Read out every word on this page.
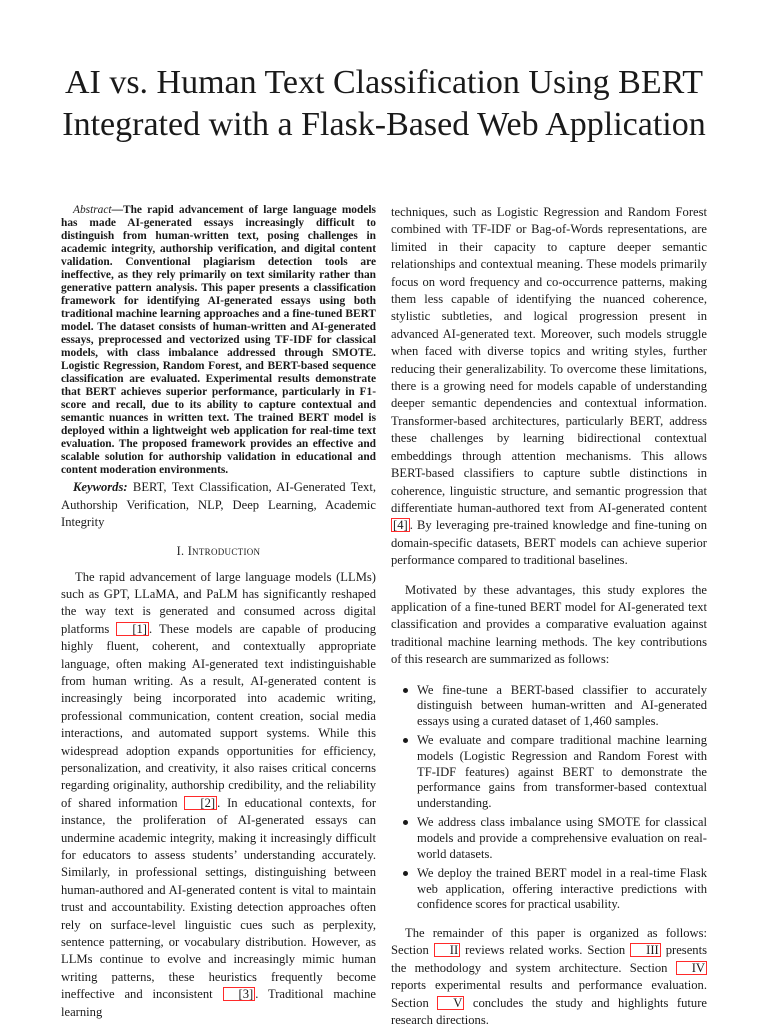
AI vs. Human Text Classification Using BERT
Integrated with a Flask-Based Web Application

Abstract—The rapid advancement of large language models has made AI-generated essays increasingly difficult to distinguish from human-written text, posing challenges in academic integrity, authorship verification, and digital content validation. Conventional plagiarism detection tools are ineffective, as they rely primarily on text similarity rather than generative pattern analysis. This paper presents a classification framework for identifying AI-generated essays using both traditional machine learning approaches and a fine-tuned BERT model. The dataset consists of human-written and AI-generated essays, preprocessed and vectorized using TF-IDF for classical models, with class imbalance addressed through SMOTE. Logistic Regression, Random Forest, and BERT-based sequence classification are evaluated. Experimental results demonstrate that BERT achieves superior performance, particularly in F1-score and recall, due to its ability to capture contextual and semantic nuances in written text. The trained BERT model is deployed within a lightweight web application for real-time text evaluation. The proposed framework provides an effective and scalable solution for authorship validation in educational and content moderation environments.

Keywords: BERT, Text Classification, AI-Generated Text, Authorship Verification, NLP, Deep Learning, Academic Integrity

I. Introduction

The rapid advancement of large language models (LLMs) such as GPT, LLaMA, and PaLM has significantly reshaped the way text is generated and consumed across digital platforms [1] . These models are capable of producing highly fluent, coherent, and contextually appropriate language, often making AI-generated text indistinguishable from human writing. As a result, AI-generated content is increasingly being incorporated into academic writing, professional communication, content creation, social media interactions, and automated support systems. While this widespread adoption expands opportunities for efficiency, personalization, and creativity, it also raises critical concerns regarding originality, authorship credibility, and the reliability of shared information [2] . In educational contexts, for instance, the proliferation of AI-generated essays can undermine academic integrity, making it increasingly difficult for educators to assess students’ understanding accurately. Similarly, in professional settings, distinguishing between human-authored and AI-generated content is vital to maintain trust and accountability. Existing detection approaches often rely on surface-level linguistic cues such as perplexity, sentence patterning, or vocabulary distribution. However, as LLMs continue to evolve and increasingly mimic human writing patterns, these heuristics frequently become ineffective and inconsistent [3] . Traditional machine learning

techniques, such as Logistic Regression and Random Forest combined with TF-IDF or Bag-of-Words representations, are limited in their capacity to capture deeper semantic relationships and contextual meaning. These models primarily focus on word frequency and co-occurrence patterns, making them less capable of identifying the nuanced coherence, stylistic subtleties, and logical progression present in advanced AI-generated text. Moreover, such models struggle when faced with diverse topics and writing styles, further reducing their generalizability. To overcome these limitations, there is a growing need for models capable of understanding deeper semantic dependencies and contextual information. Transformer-based architectures, particularly BERT, address these challenges by learning bidirectional contextual embeddings through attention mechanisms. This allows BERT-based classifiers to capture subtle distinctions in coherence, linguistic structure, and semantic progression that differentiate human-authored text from AI-generated content [4] . By leveraging pre-trained knowledge and fine-tuning on domain-specific datasets, BERT models can achieve superior performance compared to traditional baselines.

Motivated by these advantages, this study explores the application of a fine-tuned BERT model for AI-generated text classification and provides a comparative evaluation against traditional machine learning methods. The key contributions of this research are summarized as follows:

We fine-tune a BERT-based classifier to accurately distinguish between human-written and AI-generated essays using a curated dataset of 1,460 samples.
We evaluate and compare traditional machine learning models (Logistic Regression and Random Forest with TF-IDF features) against BERT to demonstrate the performance gains from transformer-based contextual understanding.
We address class imbalance using SMOTE for classical models and provide a comprehensive evaluation on real-world datasets.
We deploy the trained BERT model in a real-time Flask web application, offering interactive predictions with confidence scores for practical usability.

The remainder of this paper is organized as follows: Section II reviews related works. Section III presents the methodology and system architecture. Section IV reports experimental results and performance evaluation. Section V concludes the study and highlights future research directions.
